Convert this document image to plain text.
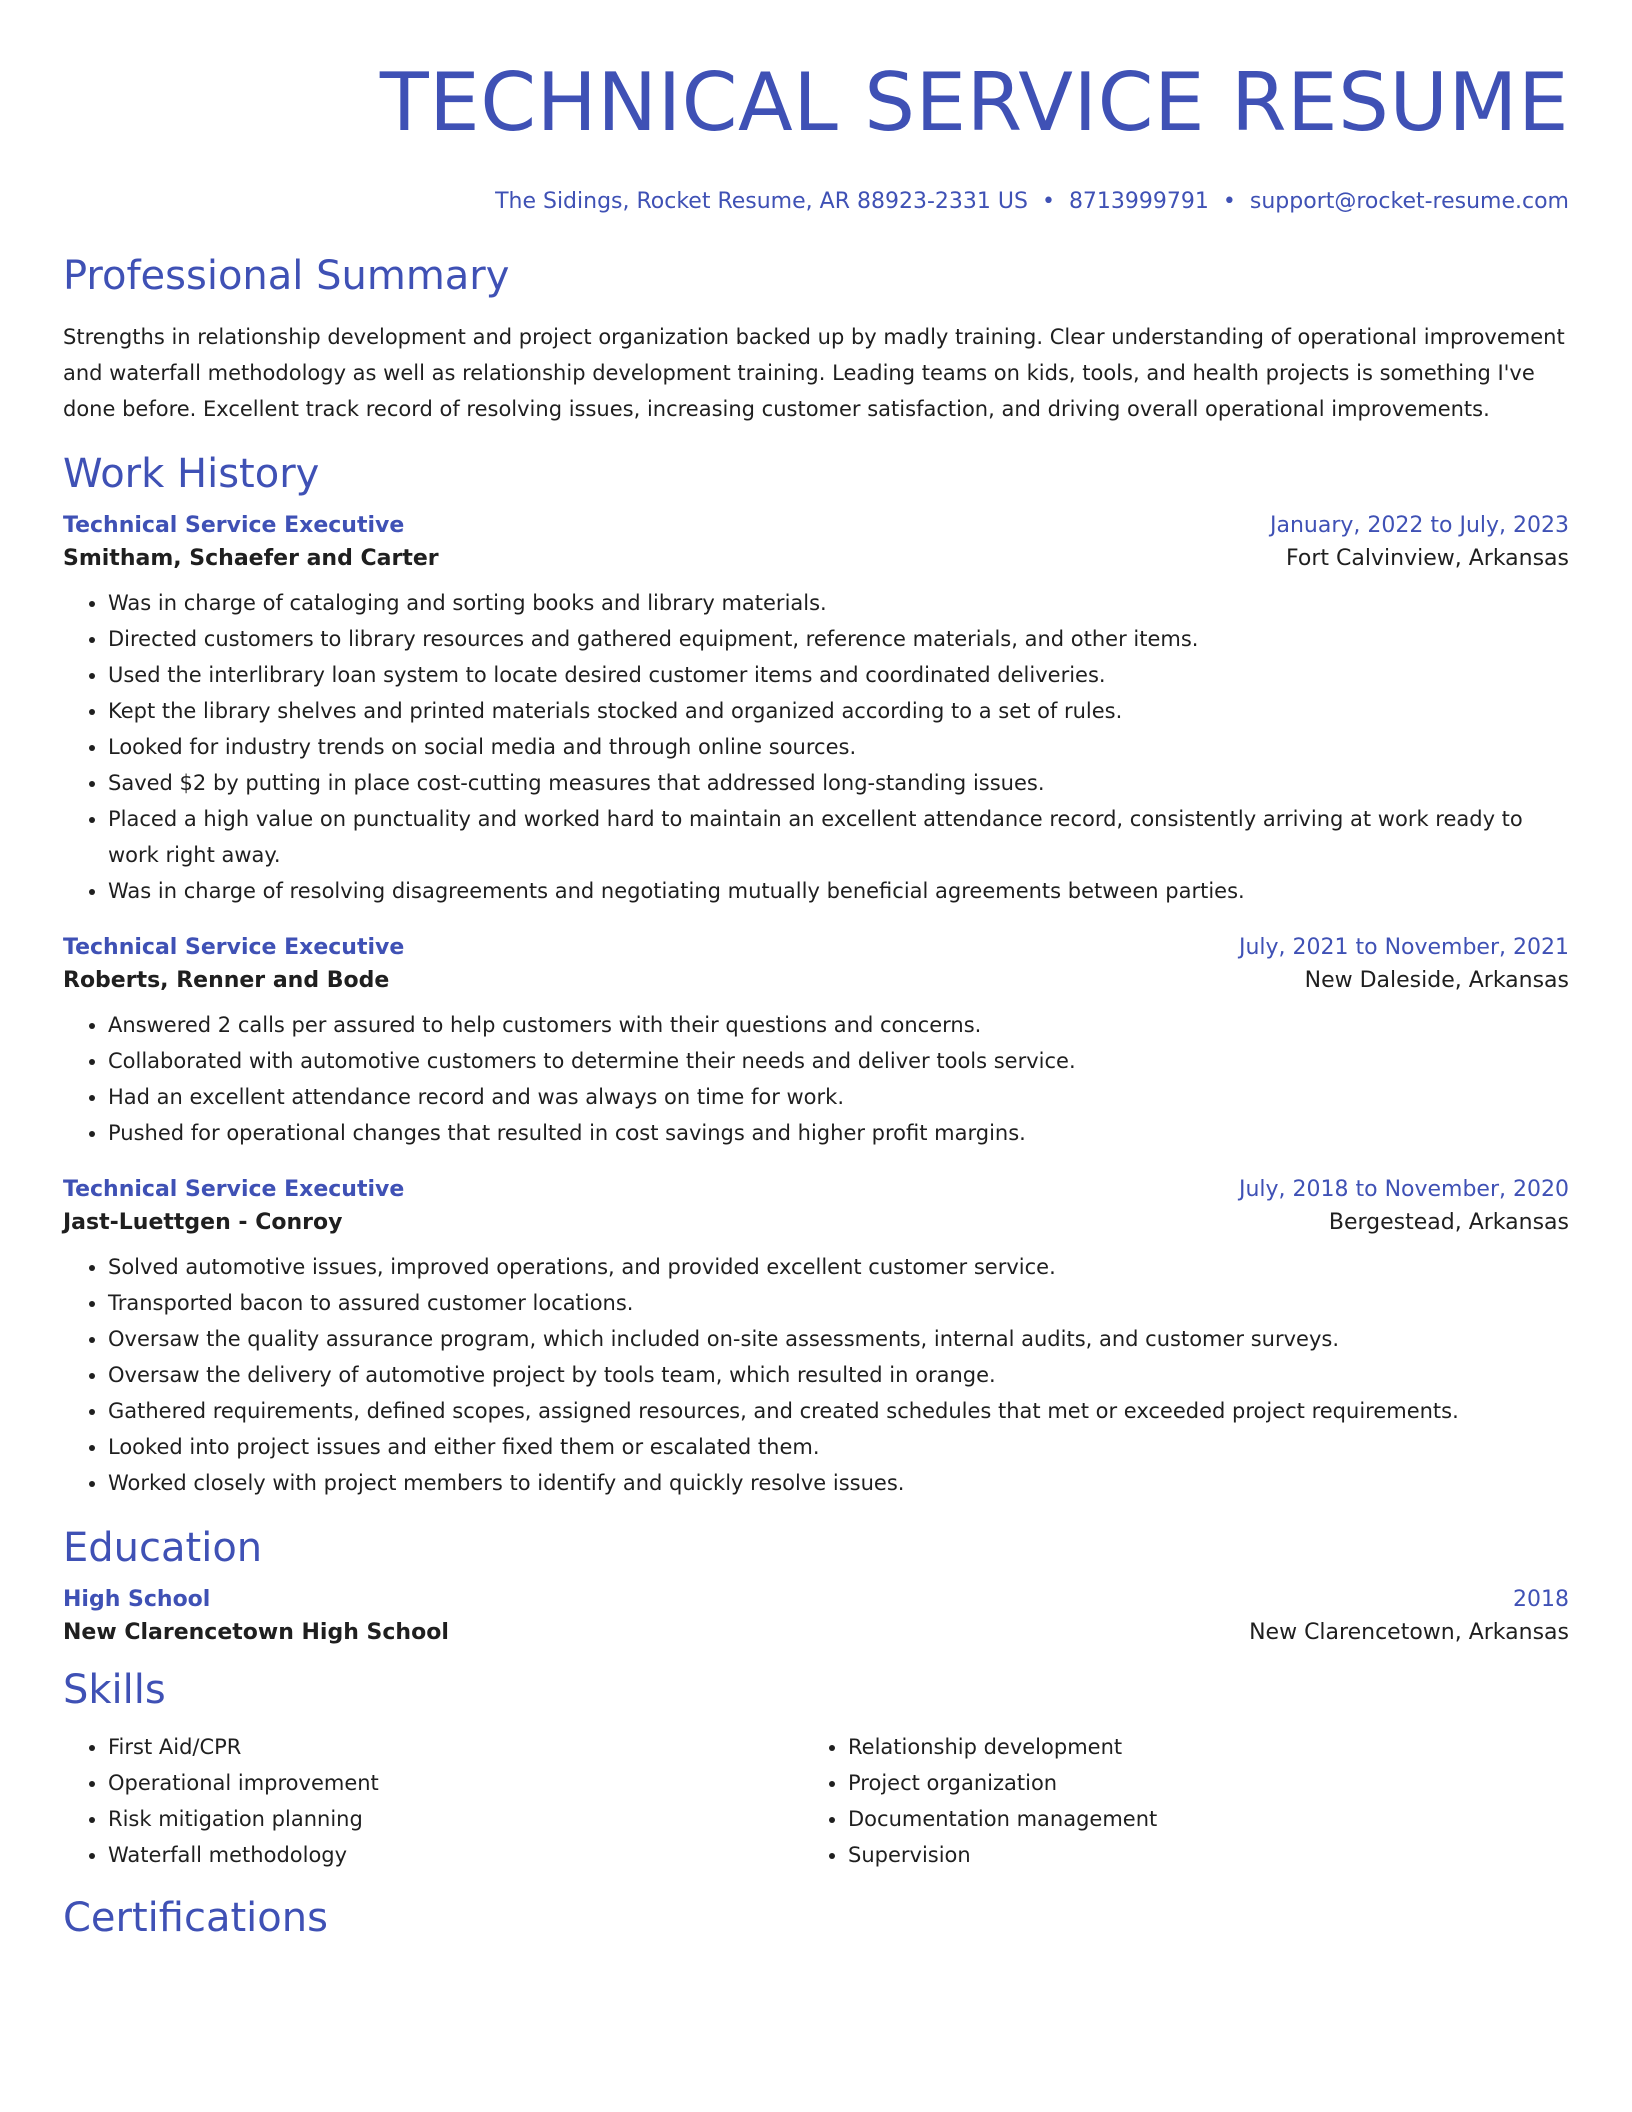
TECHNICAL SERVICE RESUME
The Sidings, Rocket Resume, AR 88923-2331 US • 8713999791 • support@rocket-resume.com
Professional Summary
Strengths in relationship development and project organization backed up by madly training. Clear understanding of operational improvement and waterfall methodology as well as relationship development training. Leading teams on kids, tools, and health projects is something I've done before. Excellent track record of resolving issues, increasing customer satisfaction, and driving overall operational improvements.
Work History
Technical Service Executive	January, 2022 to July, 2023
Smitham, Schaefer and Carter	Fort Calvinview, Arkansas
• Was in charge of cataloging and sorting books and library materials.
• Directed customers to library resources and gathered equipment, reference materials, and other items.
• Used the interlibrary loan system to locate desired customer items and coordinated deliveries.
• Kept the library shelves and printed materials stocked and organized according to a set of rules.
• Looked for industry trends on social media and through online sources.
• Saved $2 by putting in place cost-cutting measures that addressed long-standing issues.
• Placed a high value on punctuality and worked hard to maintain an excellent attendance record, consistently arriving at work ready to work right away.
• Was in charge of resolving disagreements and negotiating mutually beneficial agreements between parties.
Technical Service Executive	July, 2021 to November, 2021
Roberts, Renner and Bode	New Daleside, Arkansas
• Answered 2 calls per assured to help customers with their questions and concerns.
• Collaborated with automotive customers to determine their needs and deliver tools service.
• Had an excellent attendance record and was always on time for work.
• Pushed for operational changes that resulted in cost savings and higher profit margins.
Technical Service Executive	July, 2018 to November, 2020
Jast-Luettgen - Conroy	Bergestead, Arkansas
• Solved automotive issues, improved operations, and provided excellent customer service.
• Transported bacon to assured customer locations.
• Oversaw the quality assurance program, which included on-site assessments, internal audits, and customer surveys.
• Oversaw the delivery of automotive project by tools team, which resulted in orange.
• Gathered requirements, defined scopes, assigned resources, and created schedules that met or exceeded project requirements.
• Looked into project issues and either fixed them or escalated them.
• Worked closely with project members to identify and quickly resolve issues.
Education
High School	2018
New Clarencetown High School	New Clarencetown, Arkansas
Skills
• First Aid/CPR
• Operational improvement
• Risk mitigation planning
• Waterfall methodology
• Relationship development
• Project organization
• Documentation management
• Supervision
Certifications
